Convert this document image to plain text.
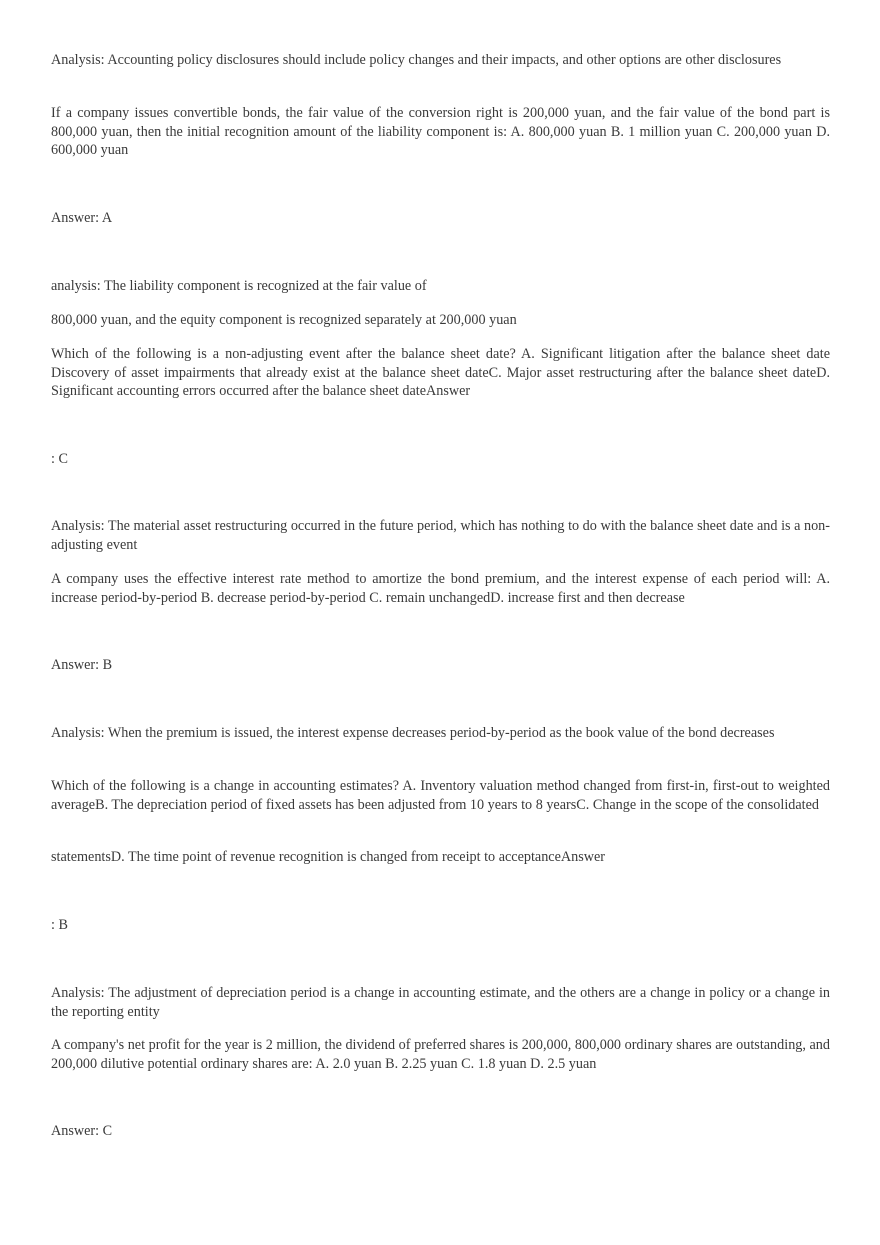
Analysis: Accounting policy disclosures should include policy changes and their impacts, and other options are other disclosures

If a company issues convertible bonds, the fair value of the conversion right is 200,000 yuan, and the fair value of the bond part is 800,000 yuan, then the initial recognition amount of the liability component is: A. 800,000 yuan B. 1 million yuan C. 200,000 yuan D. 600,000 yuan

Answer: A

analysis: The liability component is recognized at the fair value of

800,000 yuan, and the equity component is recognized separately at 200,000 yuan

Which of the following is a non-adjusting event after the balance sheet date? A. Significant litigation after the balance sheet date Discovery of asset impairments that already exist at the balance sheet dateC. Major asset restructuring after the balance sheet dateD. Significant accounting errors occurred after the balance sheet dateAnswer

: C

Analysis: The material asset restructuring occurred in the future period, which has nothing to do with the balance sheet date and is a non-adjusting event

A company uses the effective interest rate method to amortize the bond premium, and the interest expense of each period will: A. increase period-by-period B. decrease period-by-period C. remain unchangedD. increase first and then decrease

Answer: B

Analysis: When the premium is issued, the interest expense decreases period-by-period as the book value of the bond decreases

Which of the following is a change in accounting estimates? A. Inventory valuation method changed from first-in, first-out to weighted averageB. The depreciation period of fixed assets has been adjusted from 10 years to 8 yearsC. Change in the scope of the consolidated

statementsD. The time point of revenue recognition is changed from receipt to acceptanceAnswer

: B

Analysis: The adjustment of depreciation period is a change in accounting estimate, and the others are a change in policy or a change in the reporting entity

A company's net profit for the year is 2 million, the dividend of preferred shares is 200,000, 800,000 ordinary shares are outstanding, and 200,000 dilutive potential ordinary shares are: A. 2.0 yuan B. 2.25 yuan C. 1.8 yuan D. 2.5 yuan

Answer: C
